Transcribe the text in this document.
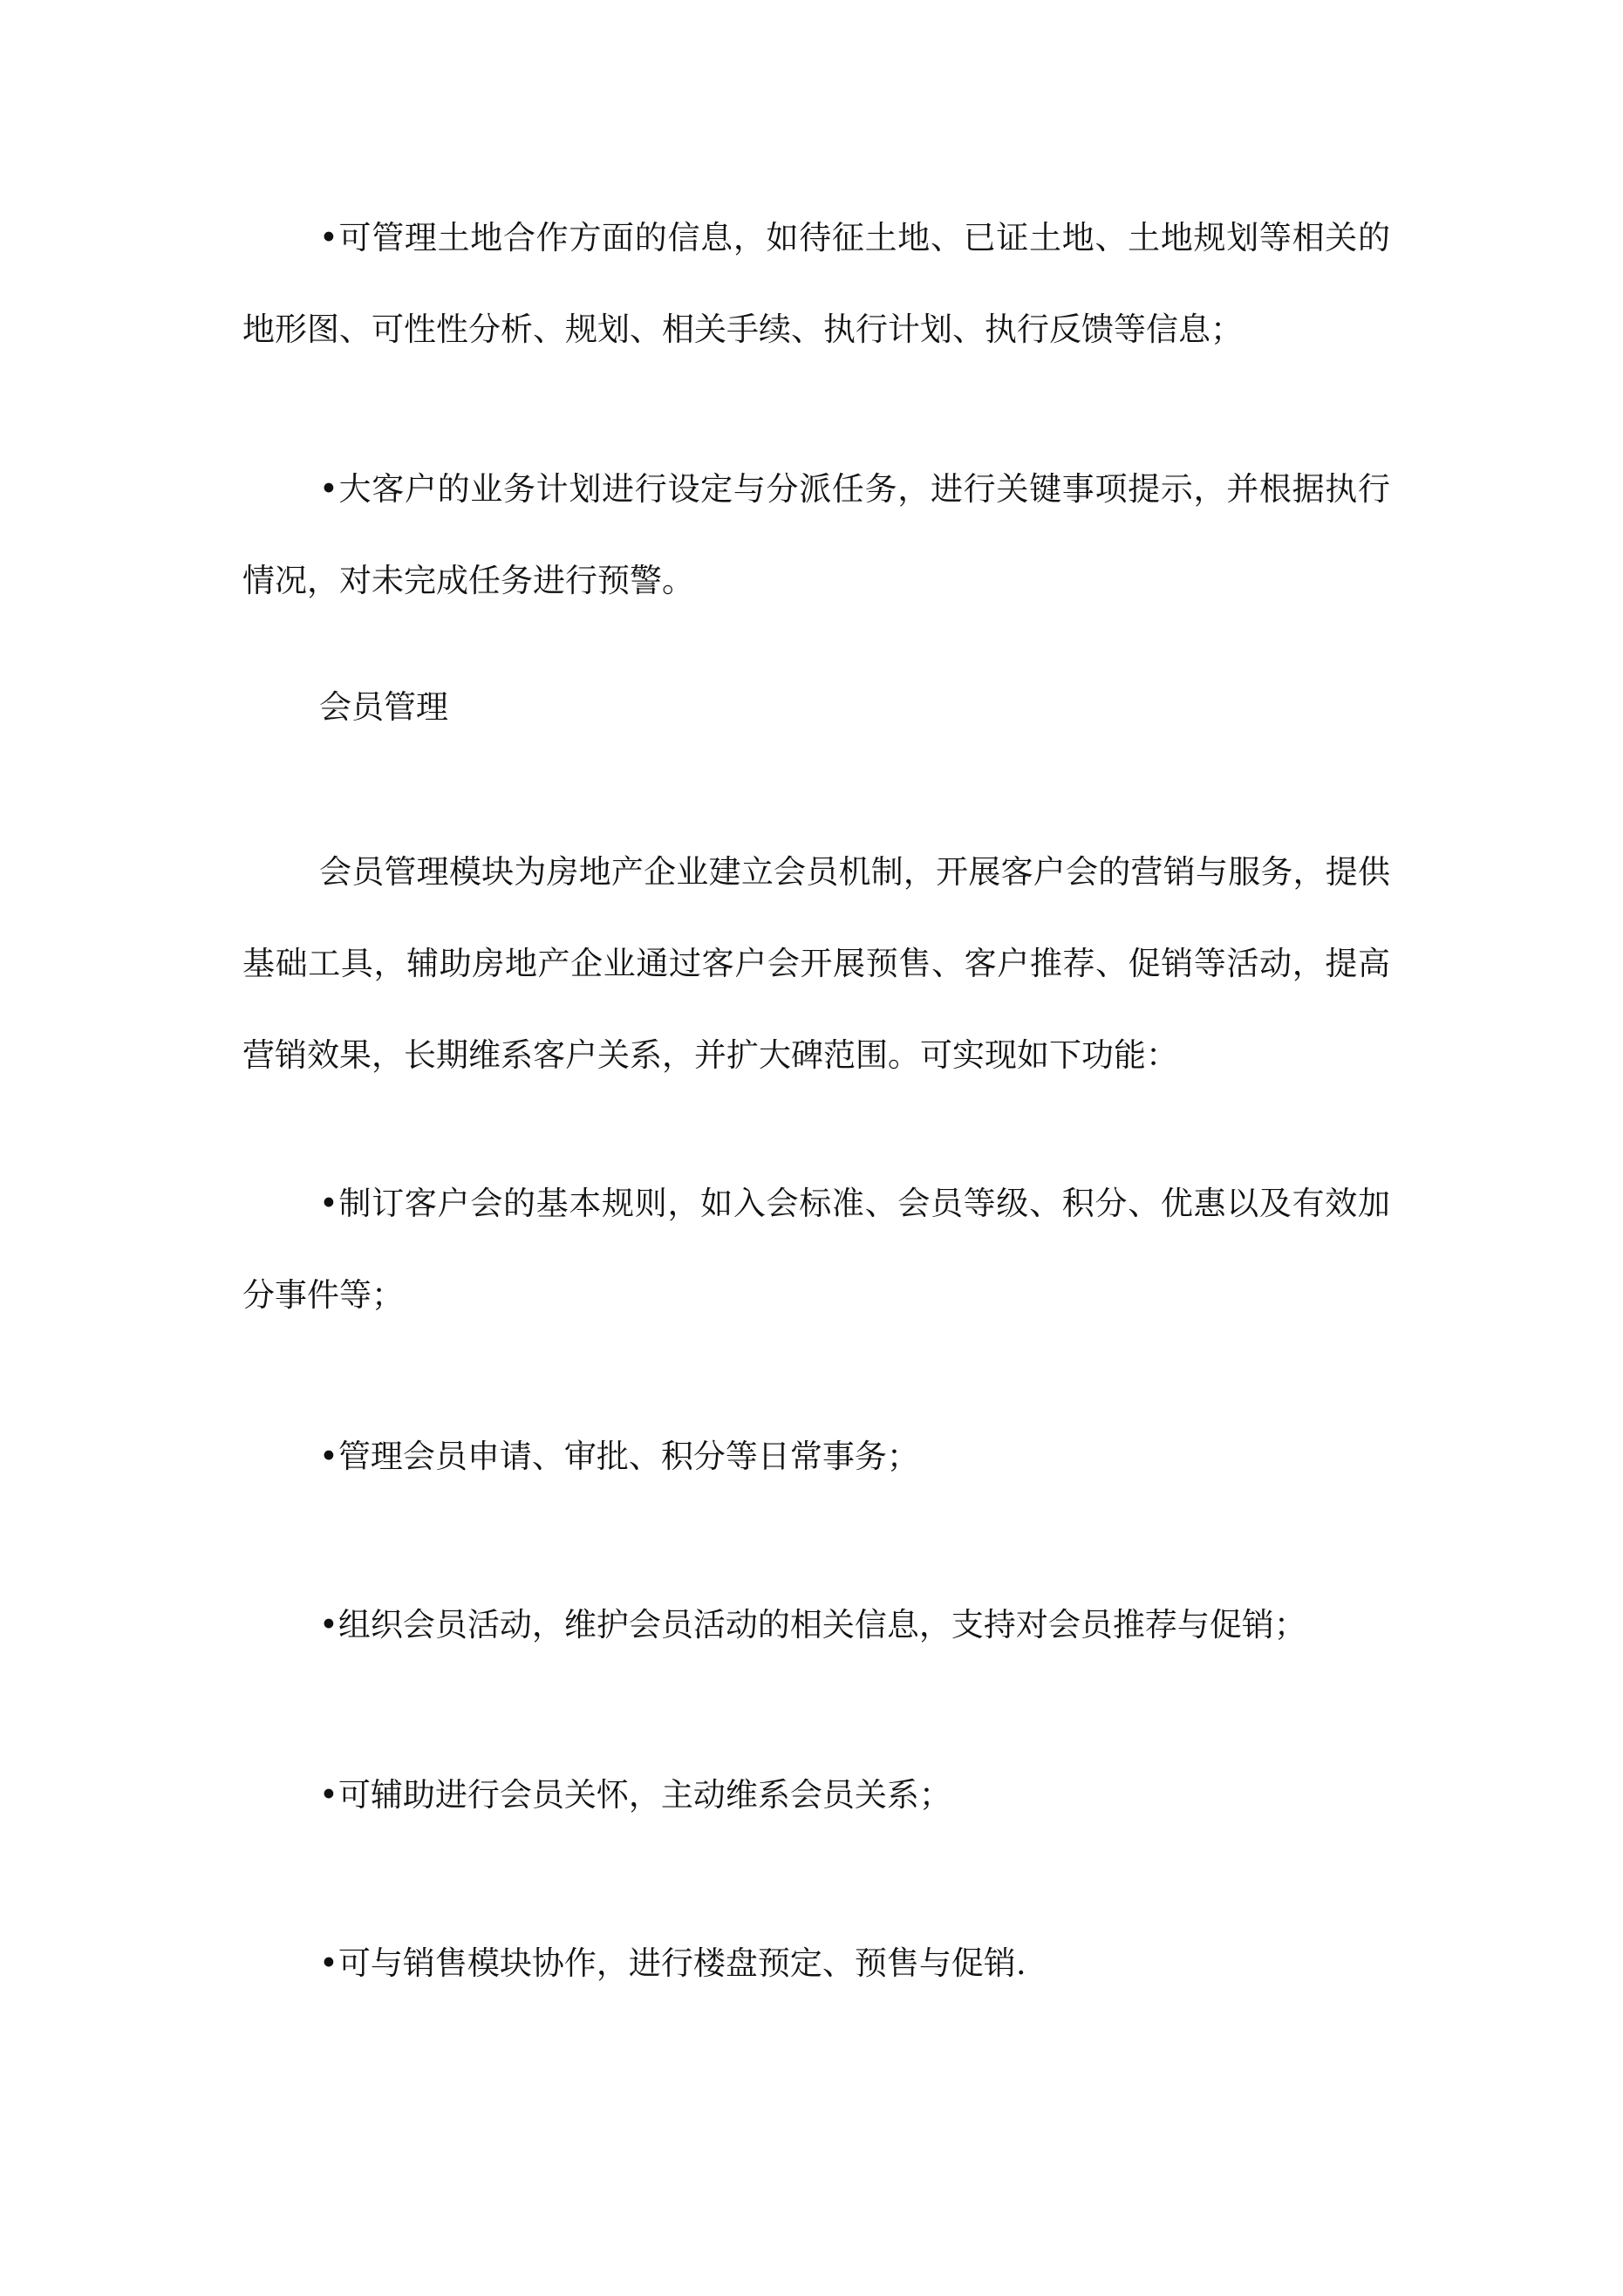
•可管理土地合作方面的信息，如待征土地、已证土地、土地规划等相关的地形图、可性性分析、规划、相关手续、执行计划、执行反馈等信息；

•大客户的业务计划进行设定与分派任务，进行关键事项提示，并根据执行情况，对未完成任务进行预警。

会员管理

会员管理模块为房地产企业建立会员机制，开展客户会的营销与服务，提供基础工具，辅助房地产企业通过客户会开展预售、客户推荐、促销等活动，提高营销效果，长期维系客户关系，并扩大碑范围。可实现如下功能：

•制订客户会的基本规则，如入会标准、会员等级、积分、优惠以及有效加分事件等；

•管理会员申请、审批、积分等日常事务；

•组织会员活动，维护会员活动的相关信息，支持对会员推荐与促销；

•可辅助进行会员关怀，主动维系会员关系；

•可与销售模块协作，进行楼盘预定、预售与促销.
